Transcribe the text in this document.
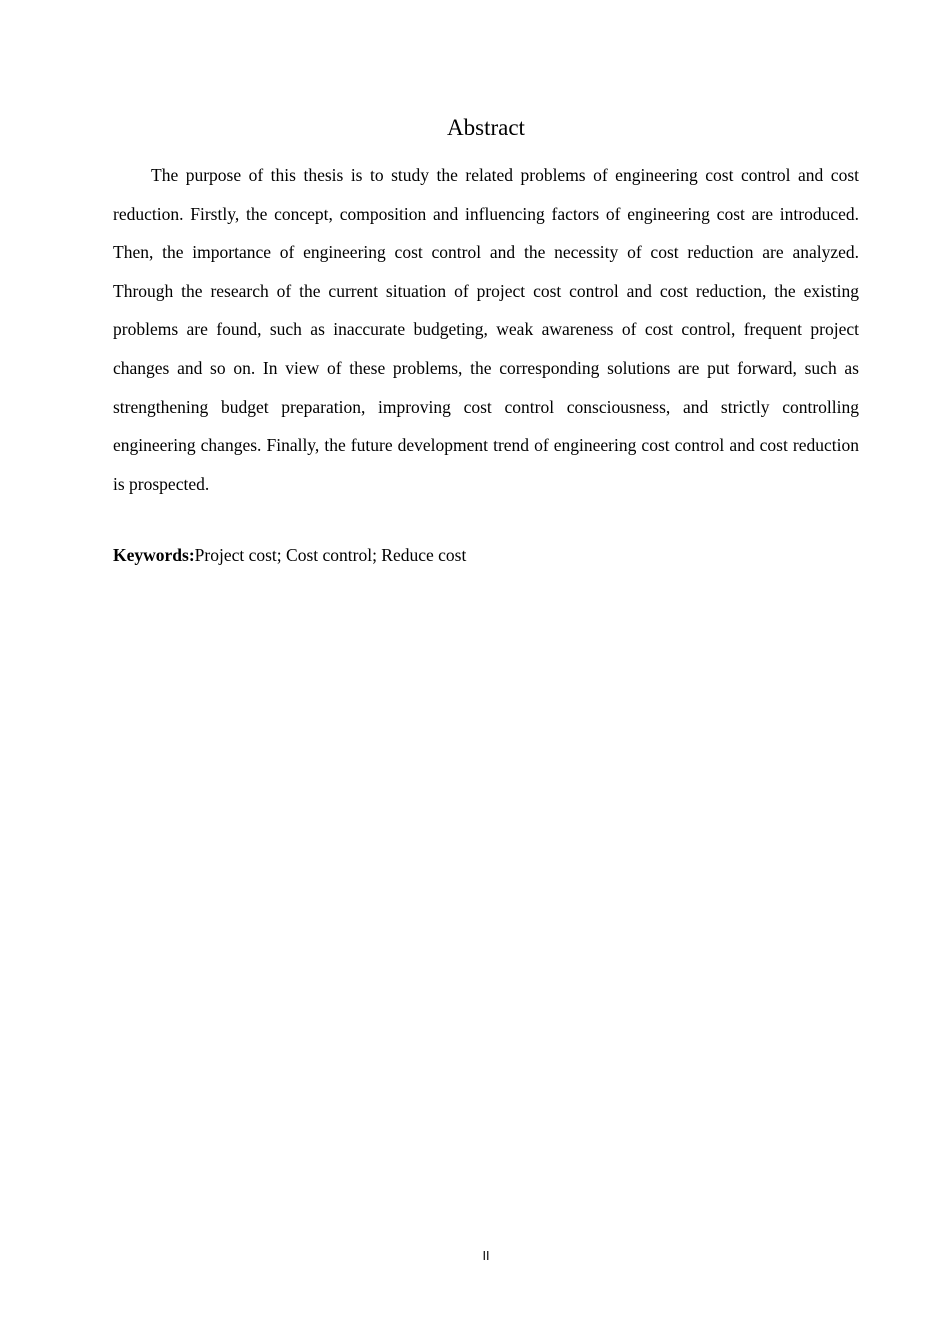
Abstract

The purpose of this thesis is to study the related problems of engineering cost control and cost reduction. Firstly, the concept, composition and influencing factors of engineering cost are introduced. Then, the importance of engineering cost control and the necessity of cost reduction are analyzed. Through the research of the current situation of project cost control and cost reduction, the existing problems are found, such as inaccurate budgeting, weak awareness of cost control, frequent project changes and so on. In view of these problems, the corresponding solutions are put forward, such as strengthening budget preparation, improving cost control consciousness, and strictly controlling engineering changes. Finally, the future development trend of engineering cost control and cost reduction is prospected.

Keywords:Project cost; Cost control; Reduce cost

II
